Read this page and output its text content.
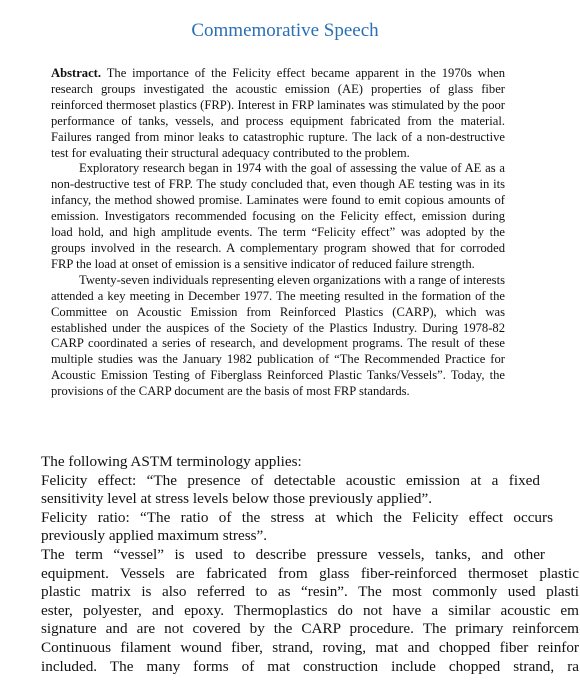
Commemorative Speech

Abstract. The importance of the Felicity effect became apparent in the 1970s when research groups investigated the acoustic emission (AE) properties of glass fiber reinforced thermoset plastics (FRP). Interest in FRP laminates was stimulated by the poor performance of tanks, vessels, and process equipment fabricated from the material. Failures ranged from minor leaks to catastrophic rupture. The lack of a non-destructive test for evaluating their structural adequacy contributed to the problem.

Exploratory research began in 1974 with the goal of assessing the value of AE as a non-destructive test of FRP. The study concluded that, even though AE testing was in its infancy, the method showed promise. Laminates were found to emit copious amounts of emission. Investigators recommended focusing on the Felicity effect, emission during load hold, and high amplitude events. The term “Felicity effect” was adopted by the groups involved in the research. A complementary program showed that for corroded FRP the load at onset of emission is a sensitive indicator of reduced failure strength.

Twenty-seven individuals representing eleven organizations with a range of interests attended a key meeting in December 1977. The meeting resulted in the formation of the Committee on Acoustic Emission from Reinforced Plastics (CARP), which was established under the auspices of the Society of the Plastics Industry. During 1978-82 CARP coordinated a series of research, and development programs. The result of these multiple studies was the January 1982 publication of “The Recommended Practice for Acoustic Emission Testing of Fiberglass Reinforced Plastic Tanks/Vessels”. Today, the provisions of the CARP document are the basis of most FRP standards.

The following ASTM terminology applies:
Felicity effect: “The presence of detectable acoustic emission at a fixed
sensitivity level at stress levels below those previously applied”.
Felicity ratio: “The ratio of the stress at which the Felicity effect occurs
previously applied maximum stress”.
The term “vessel” is used to describe pressure vessels, tanks, and other
equipment. Vessels are fabricated from glass fiber-reinforced thermoset plastic
plastic matrix is also referred to as “resin”. The most commonly used plasti
ester, polyester, and epoxy. Thermoplastics do not have a similar acoustic em
signature and are not covered by the CARP procedure. The primary reinforcem
Continuous filament wound fiber, strand, roving, mat and chopped fiber reinfor
included. The many forms of mat construction include chopped strand, ra
